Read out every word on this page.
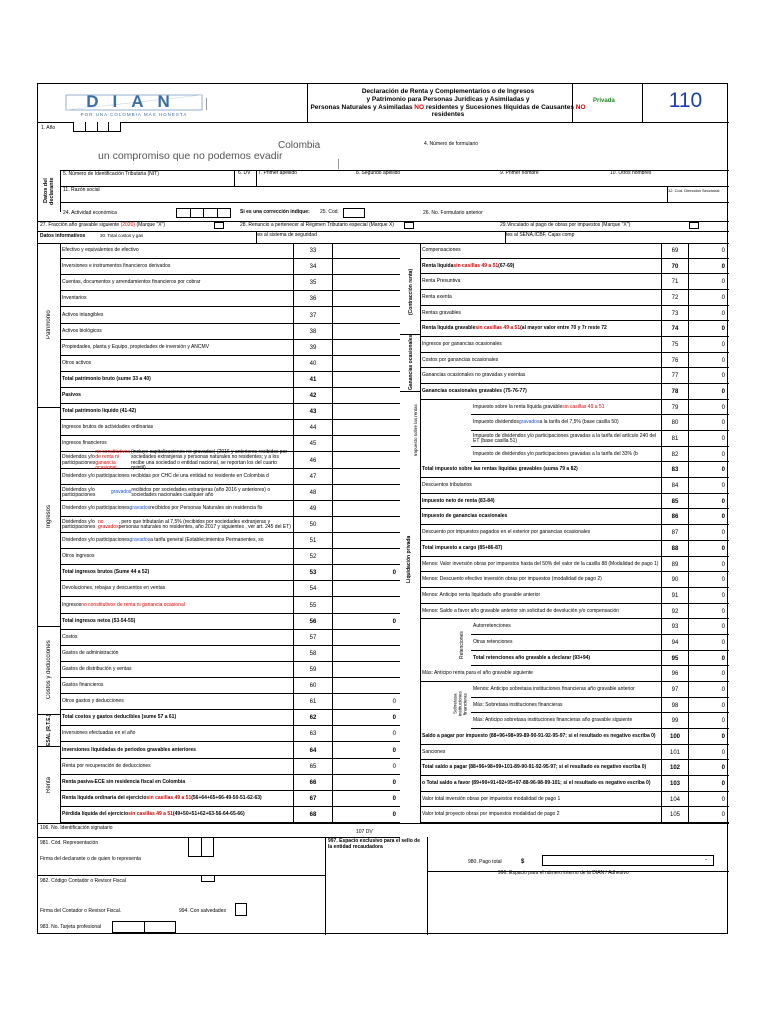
DIAN
POR UNA COLOMBIA MÁS HONESTA
Declaración de Renta y Complementarios o de Ingresos
y Patrimonio para Personas Jurídicas y Asimiladas y
Personas Naturales y Asimiladas NO residentes y Sucesiones Ilíquidas de Causantes NO
residentes
Privada	110
1. Año
Colombia
un compromiso que no podemos evadir
4. Número de formulario
Datos del declarante
5. Número de Identificación Tributaria (NIT)	6. DV 7. Primer apellido	8. Segundo apellido	9. Primer nombre	10. Otros nombres
11. Razón social	12. Cod. Dirección Seccional
24. Actividad económica	Si es una corrección indique: 25. Cod.	26. No. Formulario anterior
27. Fracción año gravable siguiente (2020) (Marque "X")	28. Renuncio a pertenecer al Régimen Tributario especial (Marque X)	29.Vinculado al pago de obras por impuestos (Marque "X")
Datos informativos	30. Total costos y gas	tes al sistema de seguridad	tes al SENA,ICBF, Cajas comp
Efectivo y equivalentes de efectivo	33
Inversiones e instrumentos financieros derivados	34
Cuentas, documentos y arrendamientos financieros por cobrar	35
Inventarios	36
Activos intangibles	37
Activos biológicos	38
Propiedades, planta y Equipo, propiedades de inversión y ANCMV	39
Otros activos	40
Total patrimonio bruto (sume 33 a 40)	41
Pasivos	42
Total patrimonio líquido (41-42)	43
Ingresos brutos de actividades ordinarias	44
Ingresos financieros	45
Dividendos y/o participaciones
no constitutivos de renta ni ganancia ocasional
(incluye capitalizaciones no gravadas) (2016 y anteriores recibidos por sociedades extranjeras y personas naturales no residentes; y a los recibe una sociedad o entidad nacional, se reportan los del cuarto quintil)
46
Dividendos y/o participaciones recibidas por CHC de una entidad no residente en Colombia d	47
Dividendos y/o participaciones	gravados recibidos por sociedades extranjeras (año 2016 y anteriores) o sociedades nacionales cualquier año	48
Dividendos y/o participaciones gravados recibidos por Personas Naturales sin residencia fis	49
Dividendos y/o participaciones
no gravados
, pero que tributarán al 7,5% (recibidos por sociedades extranjeras y personas naturales no residentes, año 2017 y siguientes , ver art. 245 del ET)	50
Dividendos y/o participaciones gravados a tarifa general (Establecimientos Permanentes, so	51
Otros ingresos	52
Total ingresos brutos (Sume 44 a 52)	53	0
Devoluciones, rebajas y descuentos en ventas	54
Ingresos no constitutivos de renta ni ganancia ocasional	55
Total ingresos netos (53-54-55)	56	0
Costos	57
Gastos de administración	58
Gastos de distribución y ventas	59
Gastos financieros	60
Otros gastos y deducciones	61	0
Total costos y gastos deducibles (sume 57 a 61)	62	0
Inversiones efectuadas en el año	63	0
Inversiones liquidadas de periodos gravables anteriores	64	0
Renta por recuperación de deducciones	65	0
Renta pasiva-ECE sin residencia fiscal en Colombia	66	0
Renta líquida ordinaria del ejercicio sin casillas 49 a 51 (56+64+65+66-49-50-51-62-63)	67	0
Pérdida líquida del ejercicio sin casillas 49 a 51 (49+50+51+62+63-56-64-65-66)	68	0
Compensaciones	69	0
Renta líquida sin casillas 49 a 51 (67-69)	70	0
Renta Presuntiva	71	0
Renta exenta	72	0
Rentas gravables	73	0
Renta líquida gravable sin casillas 49 a 51 (al mayor valor entre 70 y 7r reste 72	74	0
Ingresos por ganancias ocasionales	75	0
Costos por ganancias ocasionales	76	0
Ganancias ocasionales no gravadas y exentas	77	0
Ganancias ocasionales gravables (75-76-77)	78	0
Impuesto sobre la renta líquida gravable sin casillas 49 a 51	79	0
Impuesto dividendos gravados a la tarifa del 7,5% (base casilla 50)	80	0
Impuesto de dividendos y/o participaciones gravadas a la tarifa del artículo 240 del ET (base casilla 51)	81	0
Impuesto de dividendos y/o participaciones gravadas a la tarifa del 33% (b	82	0
Total impuesto sobre las rentas líquidas gravables (suma 79 a 82)	83	0
Descuentos tributarios	84	0
Impuesto neto de renta (83-84)	85	0
Impuesto de ganancias ocasionales	86	0
Descuento por impuestos pagados en el exterior por ganancias ocasionales	87	0
Total impuesto a cargo (85+86-87)	88	0
Menos: Valor inversión obras por impuestos hasta del 50% del valor de la casilla 88 (Modalidad de pago 1)	89	0
Menos: Descuento efectivo inversión obras por impuestos (modalidad de pago 2)	90	0
Menos: Anticipo renta liquidado año gravable anterior	91	0
Menos: Saldo a favor año gravable anterior sin solicitud de devolución y/o compensación	92	0
Autorretenciones	93	0
Otras retenciones	94	0
Total retenciones año gravable a declarar (93+94)	95	0
Más: Anticipo renta para el año gravable siguiente	96	0
Menos: Anticipo sobretasa instituciones financieras año gravable anterior	97	0
Más: Sobretasa instituciones financieras	98	0
Más: Anticipo sobretasa instituciones financieras año gravable siguiente	99	0
Saldo a pagar por impuesto (88+96+98+99-89-90-91-92-95-97; si el resultado es negativo escriba 0)	100	0
Sanciones	101	0
Total saldo a pagar (88+96+98+99+101-89-90-91-92-95-97; si el resultado es negativo escriba 0)	102	0
o Total saldo a favor (89+90+91+92+95+97-88-96-98-99-101; si el resultado es negativo escriba 0)	103	0
Valor total inversión obras por impuestos modalidad de pago 1	104	0
Valor total proyecto obras por impuestos modalidad de pago 2	105	0
Patrimonio
Ingresos
Costos y deducciones
ESAL (R.T.E.)
Renta
(Contracción renta)
Ganancias ocasionales
Impuesto sobre las rentas
Liquidación privada
Retenciones
Sobretasa instituciones financieras
106. No. Identificación signatario
107 DV
981. Cód. Representación
Firma del declarante o de quien lo representa
997. Espacio exclusivo para el sello de la entidad recaudadora
980. Pago total	$	-
996. Espacio para el número interno de la DIAN / Adhesivo
982. Código Contador o Revisor Fiscal
Firma del Contador o Revisor Fiscal.	994. Con salvedades
983. No. Tarjeta profesional
